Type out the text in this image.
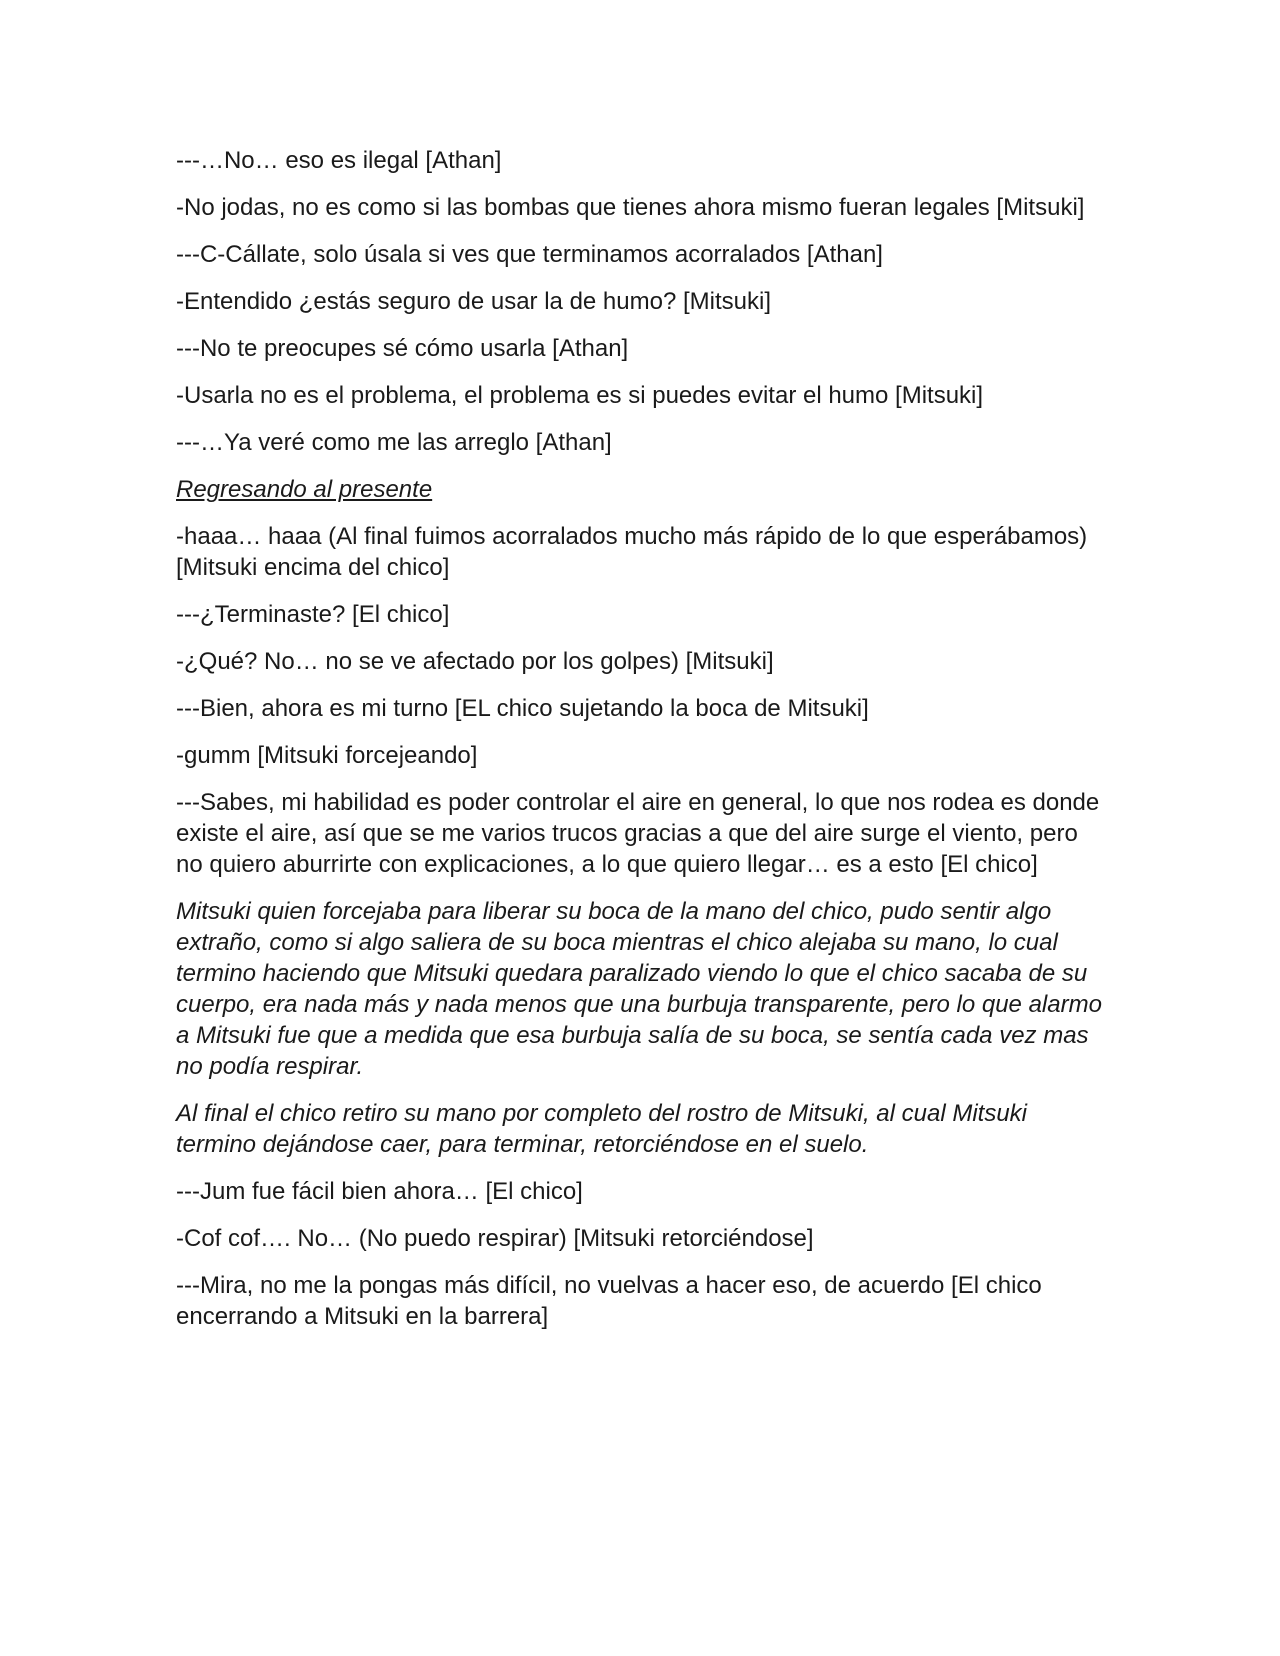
---…No… eso es ilegal [Athan]

-No jodas, no es como si las bombas que tienes ahora mismo fueran legales [Mitsuki]

---C-Cállate, solo úsala si ves que terminamos acorralados [Athan]

-Entendido ¿estás seguro de usar la de humo? [Mitsuki]

---No te preocupes sé cómo usarla [Athan]

-Usarla no es el problema, el problema es si puedes evitar el humo [Mitsuki]

---…Ya veré como me las arreglo [Athan]

Regresando al presente

-haaa… haaa (Al final fuimos acorralados mucho más rápido de lo que esperábamos) [Mitsuki encima del chico]

---¿Terminaste? [El chico]

-¿Qué? No… no se ve afectado por los golpes) [Mitsuki]

---Bien, ahora es mi turno [EL chico sujetando la boca de Mitsuki]

-gumm [Mitsuki forcejeando]

---Sabes, mi habilidad es poder controlar el aire en general, lo que nos rodea es donde existe el aire, así que se me varios trucos gracias a que del aire surge el viento, pero no quiero aburrirte con explicaciones, a lo que quiero llegar… es a esto [El chico]

Mitsuki quien forcejaba para liberar su boca de la mano del chico, pudo sentir algo extraño, como si algo saliera de su boca mientras el chico alejaba su mano, lo cual termino haciendo que Mitsuki quedara paralizado viendo lo que el chico sacaba de su cuerpo, era nada más y nada menos que una burbuja transparente, pero lo que alarmo a Mitsuki fue que a medida que esa burbuja salía de su boca, se sentía cada vez mas no podía respirar.

Al final el chico retiro su mano por completo del rostro de Mitsuki, al cual Mitsuki termino dejándose caer, para terminar, retorciéndose en el suelo.

---Jum fue fácil bien ahora… [El chico]

-Cof cof…. No… (No puedo respirar) [Mitsuki retorciéndose]

---Mira, no me la pongas más difícil, no vuelvas a hacer eso, de acuerdo [El chico encerrando a Mitsuki en la barrera]
